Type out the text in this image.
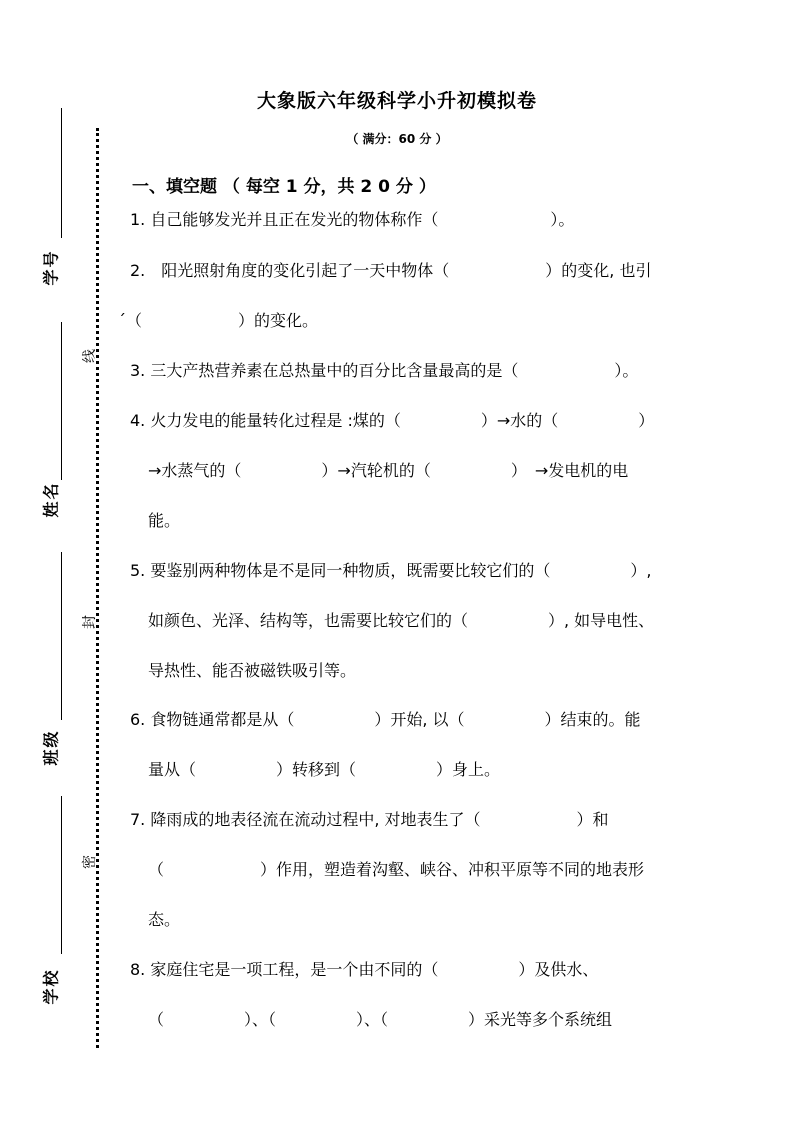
学号
姓名
班级
学校
线
封
密
大象版六年级科学小升初模拟卷
（ 满分：60 分 ）
一、填空题 （ 每空 1 分，共 2 0 分 ）
1. 自己能够发光并且正在发光的物体称作（　　　　　　　）。
2.　阳光照射角度的变化引起了一天中物体（　　　　　　）的变化, 也引
ˊ（　　　　　　）的变化。
3. 三大产热营养素在总热量中的百分比含量最高的是（　　　　　　）。
4. 火力发电的能量转化过程是 :煤的（　　　　　）→水的（　　　　　）
→水蒸气的（　　　　　）→汽轮机的（　　　　　）　→发电机的电
能。
5. 要鉴别两种物体是不是同一种物质，既需要比较它们的（　　　　　）,
如颜色、光泽、结构等，也需要比较它们的（　　　　　）, 如导电性、
导热性、能否被磁铁吸引等。
6. 食物链通常都是从（　　　　　）开始, 以（　　　　　）结束的。能
量从（　　　　　）转移到（　　　　　）身上。
7. 降雨成的地表径流在流动过程中, 对地表生了（　　　　　　）和
（　　　　　　）作用，塑造着沟壑、峡谷、冲积平原等不同的地表形
态。
8. 家庭住宅是一项工程，是一个由不同的（　　　　　）及供水、
（　　　　　）、（　　　　　）、（　　　　　）采光等多个系统组
